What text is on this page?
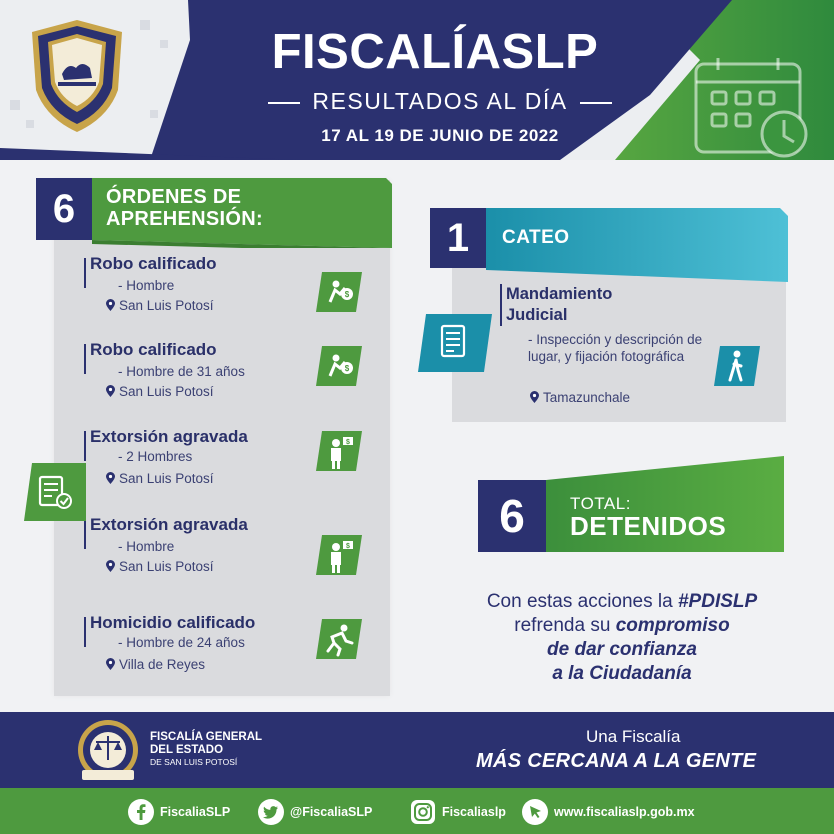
FISCALÍASLP
RESULTADOS AL DÍA
17 AL 19 DE JUNIO DE 2022
6	ÓRDENES DE
APREHENSIÓN:
Robo calificado
- Hombre
San Luis Potosí
$
Robo calificado
- Hombre de 31 años
San Luis Potosí
$
Extorsión agravada
- 2 Hombres
San Luis Potosí
$
Extorsión agravada
- Hombre
San Luis Potosí
$
Homicidio calificado
- Hombre de 24 años
Villa de Reyes
1	CATEO
Mandamiento
Judicial
- Inspección y descripción de lugar, y fijación fotográfica
Tamazunchale
6	TOTAL:
DETENIDOS
Con estas acciones la #PDISLP
refrenda su compromiso
de dar confianza
a la Ciudadanía
FISCALÍA GENERAL
DEL ESTADO
DE SAN LUIS POTOSÍ
Una Fiscalía
MÁS CERCANA A LA GENTE
FiscaliaSLP	@FiscaliaSLP	Fiscaliaslp	www.fiscaliaslp.gob.mx
